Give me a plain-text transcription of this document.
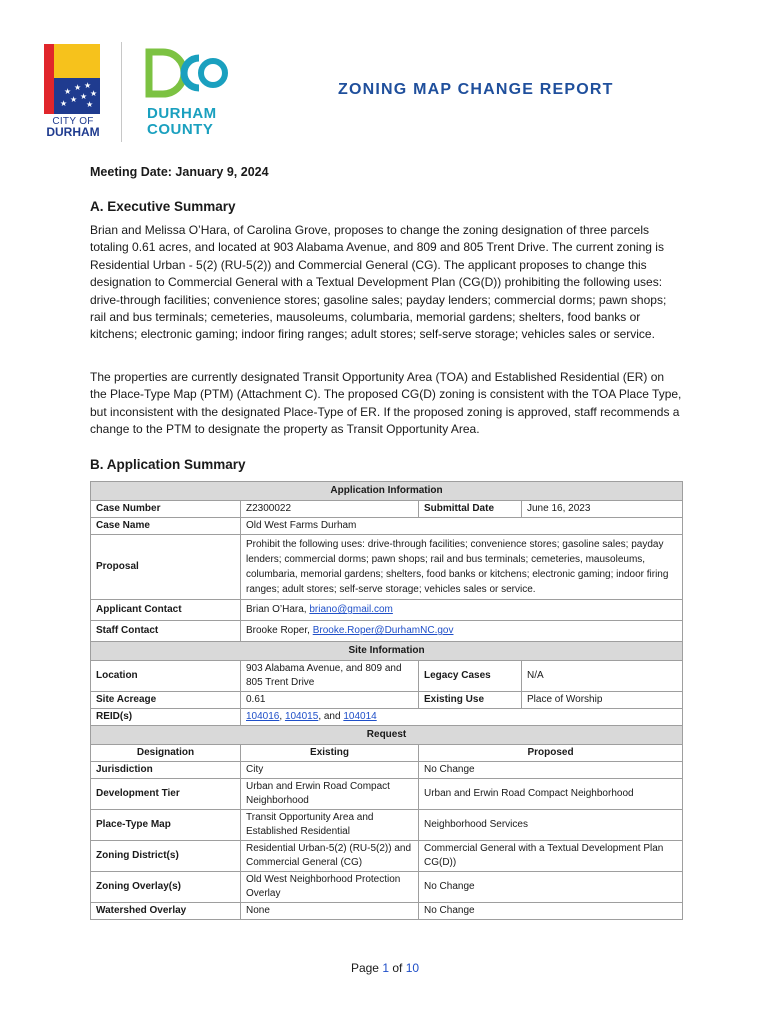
★ ★ ★
★ ★ ★
★ ★
CITY OF
DURHAM
DURHAM
COUNTY
ZONING MAP CHANGE REPORT

Meeting Date: January 9, 2024

A. Executive Summary

Brian and Melissa O’Hara, of Carolina Grove, proposes to change the zoning designation of three parcels totaling 0.61 acres, and located at 903 Alabama Avenue, and 809 and 805 Trent Drive. The current zoning is Residential Urban - 5(2) (RU-5(2)) and Commercial General (CG). The applicant proposes to change this designation to Commercial General with a Textual Development Plan (CG(D)) prohibiting the following uses: drive-through facilities; convenience stores; gasoline sales; payday lenders; commercial dorms; pawn shops; rail and bus terminals; cemeteries, mausoleums, columbaria, memorial gardens; shelters, food banks or kitchens; electronic gaming; indoor firing ranges; adult stores; self-serve storage; vehicles sales or service.

The properties are currently designated Transit Opportunity Area (TOA) and Established Residential (ER) on the Place-Type Map (PTM) (Attachment C). The proposed CG(D) zoning is consistent with the TOA Place Type, but inconsistent with the designated Place-Type of ER. If the proposed zoning is approved, staff recommends a change to the PTM to designate the property as Transit Opportunity Area.

B. Application Summary
Application Information			
Case Number	Z2300022	Submittal Date	June 16, 2023
Case Name	Old West Farms Durham		
Proposal	Prohibit the following uses: drive-through facilities; convenience stores; gasoline sales; payday lenders; commercial dorms; pawn shops; rail and bus terminals; cemeteries, mausoleums, columbaria, memorial gardens; shelters, food banks or kitchens; electronic gaming; indoor firing ranges; adult stores; self-serve storage; vehicles sales or service.		
Applicant Contact	Brian O’Hara, briano@gmail.com		
Staff Contact	Brooke Roper, Brooke.Roper@DurhamNC.gov		
Site Information			
Location	903 Alabama Avenue, and 809 and 805 Trent Drive	Legacy Cases	N/A
Site Acreage	0.61	Existing Use	Place of Worship
REID(s)	104016, 104015, and 104014		
Request			
Designation	Existing	Proposed	
Jurisdiction	City	No Change	
Development Tier	Urban and Erwin Road Compact Neighborhood	Urban and Erwin Road Compact Neighborhood	
Place-Type Map	Transit Opportunity Area and Established Residential	Neighborhood Services	
Zoning District(s)	Residential Urban-5(2) (RU-5(2)) and Commercial General (CG)	Commercial General with a Textual Development Plan CG(D))	
Zoning Overlay(s)	Old West Neighborhood Protection Overlay	No Change	
Watershed Overlay	None	No Change	
Page 1 of 10
